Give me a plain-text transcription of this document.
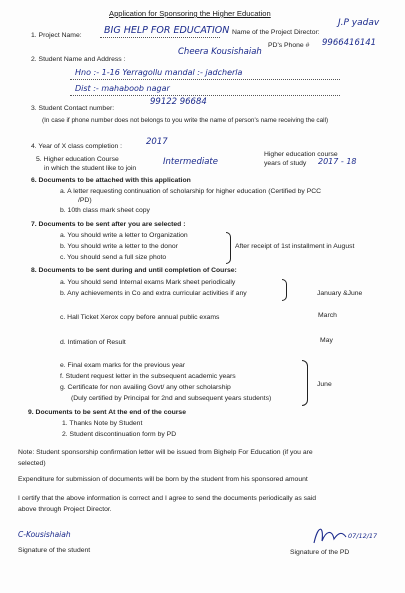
Application for Sponsoring the Higher Education
1. Project Name: BIG HELP FOR EDUCATION Name of the Project Director:
J.P yadav
PD's Phone # 9966416141
2. Student Name and Address :
Cheera Kousishaiah
Hno :- 1-16 Yerragollu mandal :- jadcherla
Dist :- mahaboob nagar
3. Student Contact number:
99122 96684
(In case if phone number does not belongs to you write the name of person's name receiving the call)
4. Year of X class completion :	2017
5. Higher education Course
in which the student like to join
Intermediate
Higher education course
years of study 2017 - 18
6. Documents to be attached with this application
a. A letter requesting continuation of scholarship for higher education (Certified by PCC
/PD)
b. 10th class mark sheet copy
7. Documents to be sent after you are selected :
a. You should write a letter to Organization
b. You should write a letter to the donor
c. You should send a full size photo
After receipt of 1st installment in August
8. Documents to be sent during and until completion of Course:
a. You should send Internal exams Mark sheet periodically
b. Any achievements in Co and extra curricular activities if any	January &June
c. Hall Ticket Xerox copy before annual public exams	March
d. Intimation of Result	May
e. Final exam marks for the previous year
f. Student request letter in the subsequent academic years
g. Certificate for non availing Govt/ any other scholarship
(Duly certified by Principal for 2nd and subsequent years students)
June
9. Documents to be sent At the end of the course
1. Thanks Note by Student
2. Student discontinuation form by PD
Note: Student sponsorship confirmation letter will be issued from Bighelp For Education (if you are
selected)
Expenditure for submission of documents will be born by the student from his sponsored amount
I certify that the above information is correct and I agree to send the documents periodically as said
above through Project Director.
C-Kousishaiah
Signature of the student
07/12/17
Signature of the PD
